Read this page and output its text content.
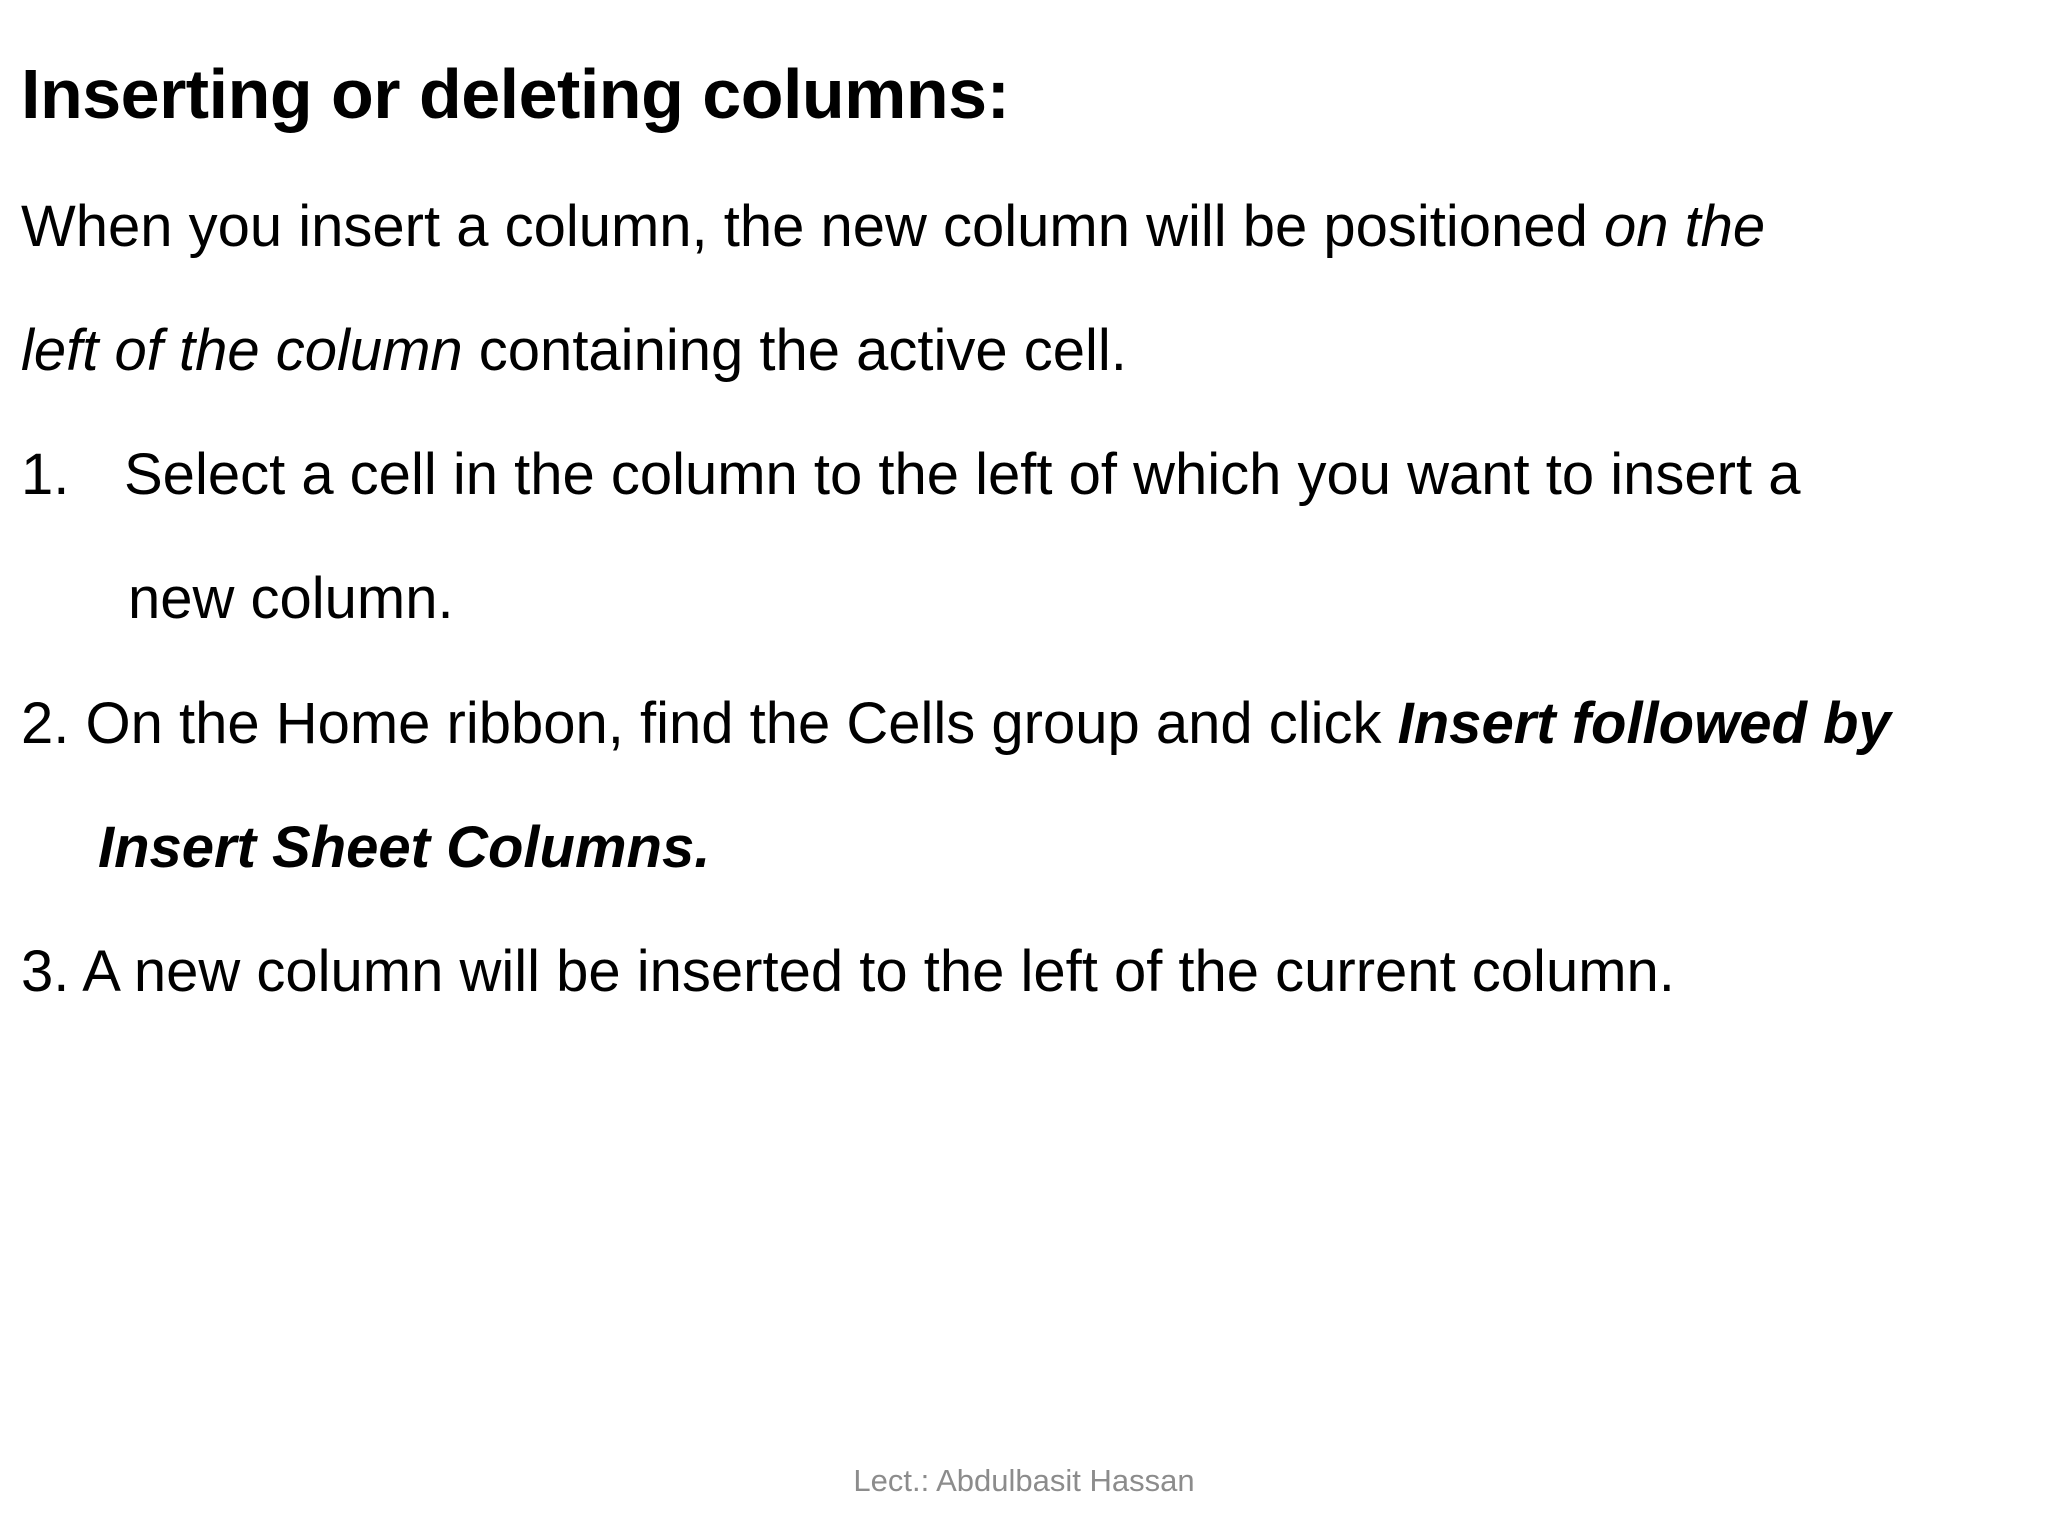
Inserting or deleting columns:
When you insert a column, the new column will be positioned on the
left of the column containing the active cell.
1. Select a cell in the column to the left of which you want to insert a
new column.
2. On the Home ribbon, find the Cells group and click Insert followed by
Insert Sheet Columns.
3. A new column will be inserted to the left of the current column.
Lect.: Abdulbasit Hassan
